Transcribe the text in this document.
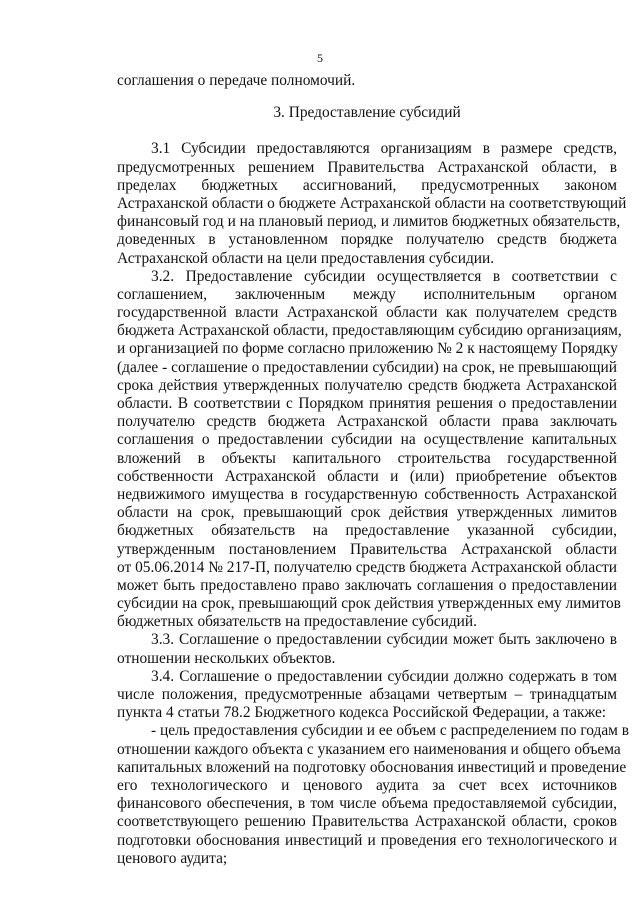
5
соглашения о передаче полномочий.
3. Предоставление субсидий
3.1 Субсидии предоставляются организациям в размере средств,
предусмотренных решением Правительства Астраханской области, в
пределах бюджетных ассигнований, предусмотренных законом
Астраханской области о бюджете Астраханской области на соответствующий
финансовый год и на плановый период, и лимитов бюджетных обязательств,
доведенных в установленном порядке получателю средств бюджета
Астраханской области на цели предоставления субсидии.
3.2. Предоставление субсидии осуществляется в соответствии с
соглашением, заключенным между исполнительным органом
государственной власти Астраханской области как получателем средств
бюджета Астраханской области, предоставляющим субсидию организациям,
и организацией по форме согласно приложению № 2 к настоящему Порядку
(далее - соглашение о предоставлении субсидии) на срок, не превышающий
срока действия утвержденных получателю средств бюджета Астраханской
области. В соответствии с Порядком принятия решения о предоставлении
получателю средств бюджета Астраханской области права заключать
соглашения о предоставлении субсидии на осуществление капитальных
вложений в объекты капитального строительства государственной
собственности Астраханской области и (или) приобретение объектов
недвижимого имущества в государственную собственность Астраханской
области на срок, превышающий срок действия утвержденных лимитов
бюджетных обязательств на предоставление указанной субсидии,
утвержденным постановлением Правительства Астраханской области
от 05.06.2014 № 217-П, получателю средств бюджета Астраханской области
может быть предоставлено право заключать соглашения о предоставлении
субсидии на срок, превышающий срок действия утвержденных ему лимитов
бюджетных обязательств на предоставление субсидий.
3.3. Соглашение о предоставлении субсидии может быть заключено в
отношении нескольких объектов.
3.4. Соглашение о предоставлении субсидии должно содержать в том
числе положения, предусмотренные абзацами четвертым – тринадцатым
пункта 4 статьи 78.2 Бюджетного кодекса Российской Федерации, а также:
- цель предоставления субсидии и ее объем с распределением по годам в
отношении каждого объекта с указанием его наименования и общего объема
капитальных вложений на подготовку обоснования инвестиций и проведение
его технологического и ценового аудита за счет всех источников
финансового обеспечения, в том числе объема предоставляемой субсидии,
соответствующего решению Правительства Астраханской области, сроков
подготовки обоснования инвестиций и проведения его технологического и
ценового аудита;
